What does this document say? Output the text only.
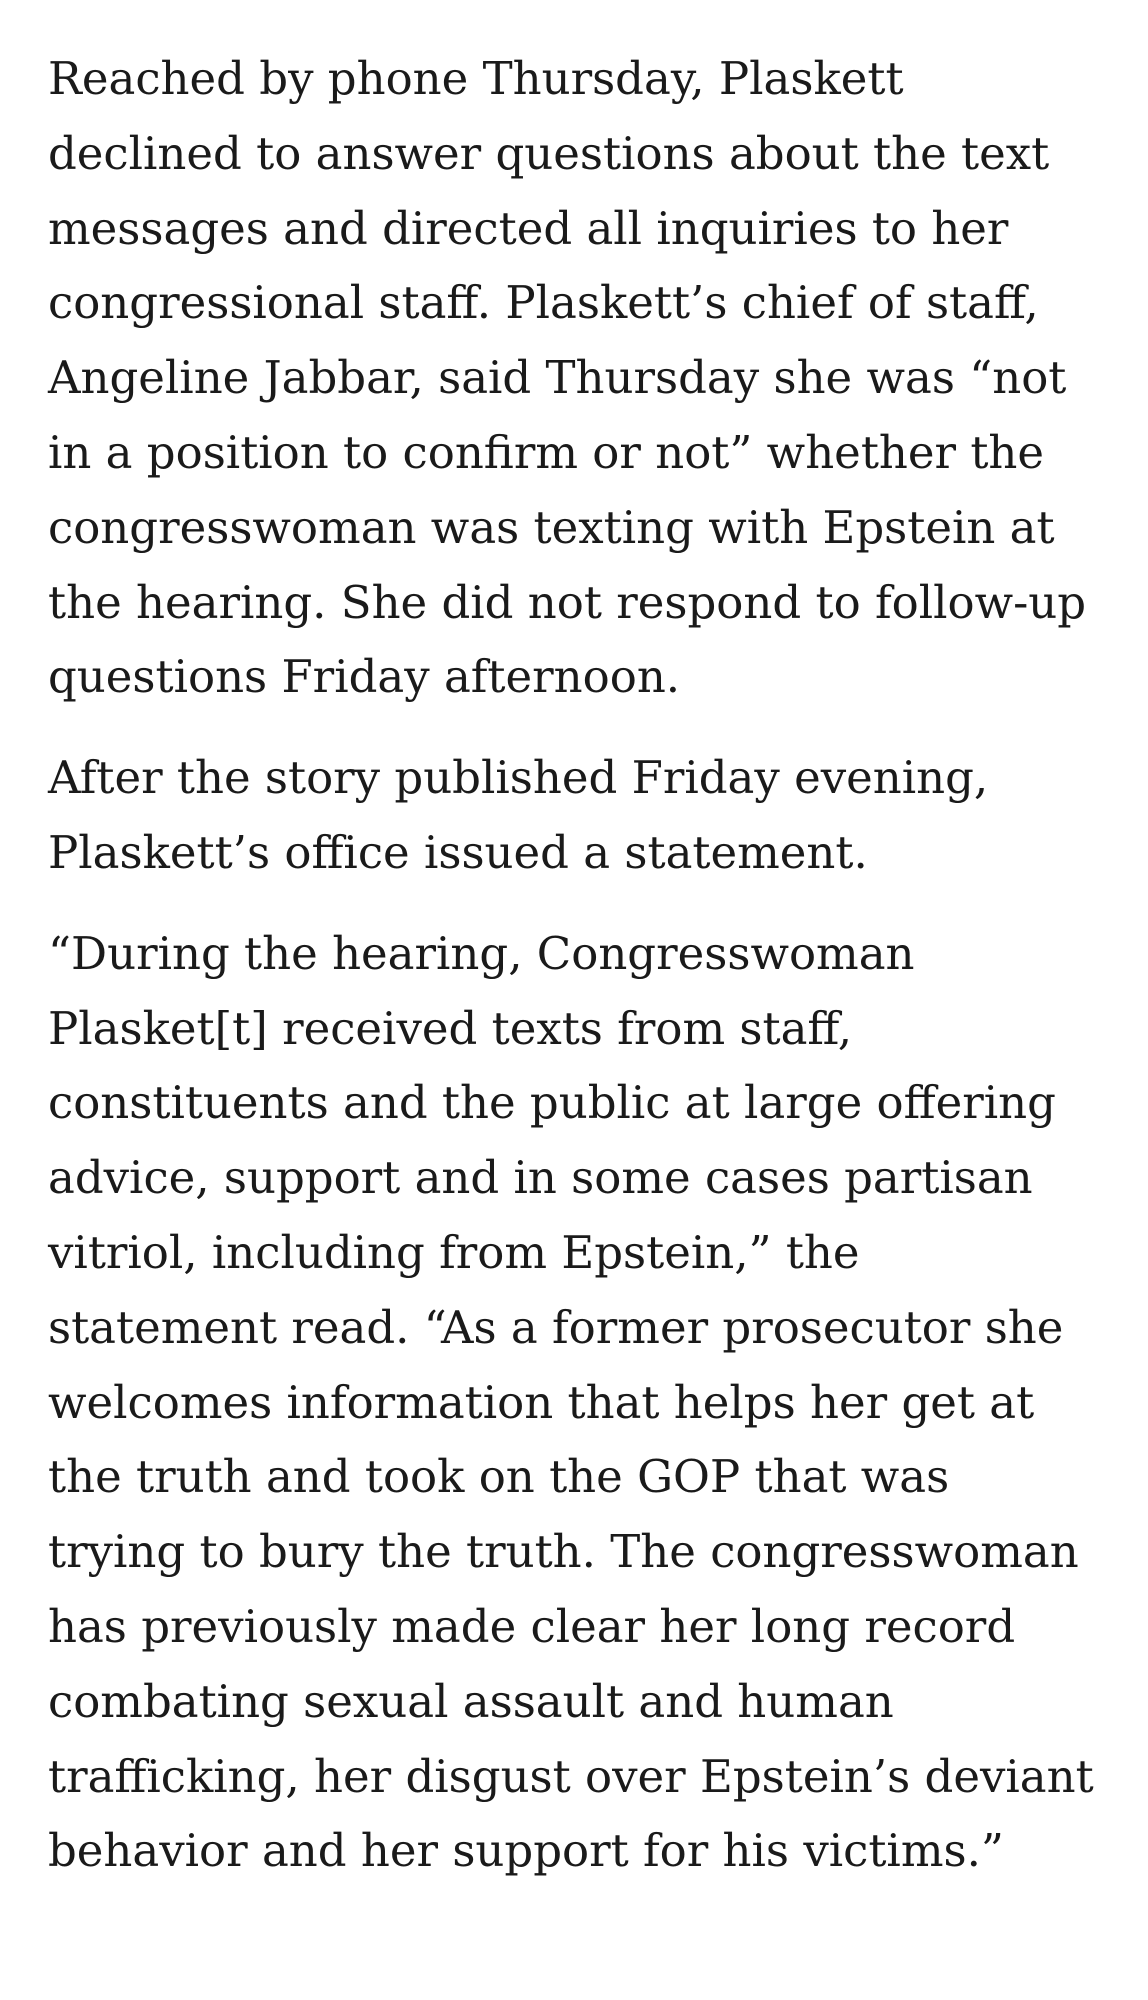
Reached by phone Thursday, Plaskett
declined to answer questions about the text
messages and directed all inquiries to her
congressional staff. Plaskett’s chief of staff,
Angeline Jabbar, said Thursday she was “not
in a position to confirm or not” whether the
congresswoman was texting with Epstein at
the hearing. She did not respond to follow-up
questions Friday afternoon.

After the story published Friday evening,
Plaskett’s office issued a statement.

“During the hearing, Congresswoman
Plasket[t] received texts from staff,
constituents and the public at large offering
advice, support and in some cases partisan
vitriol, including from Epstein,” the
statement read. “As a former prosecutor she
welcomes information that helps her get at
the truth and took on the GOP that was
trying to bury the truth. The congresswoman
has previously made clear her long record
combating sexual assault and human
trafficking, her disgust over Epstein’s deviant
behavior and her support for his victims.”
